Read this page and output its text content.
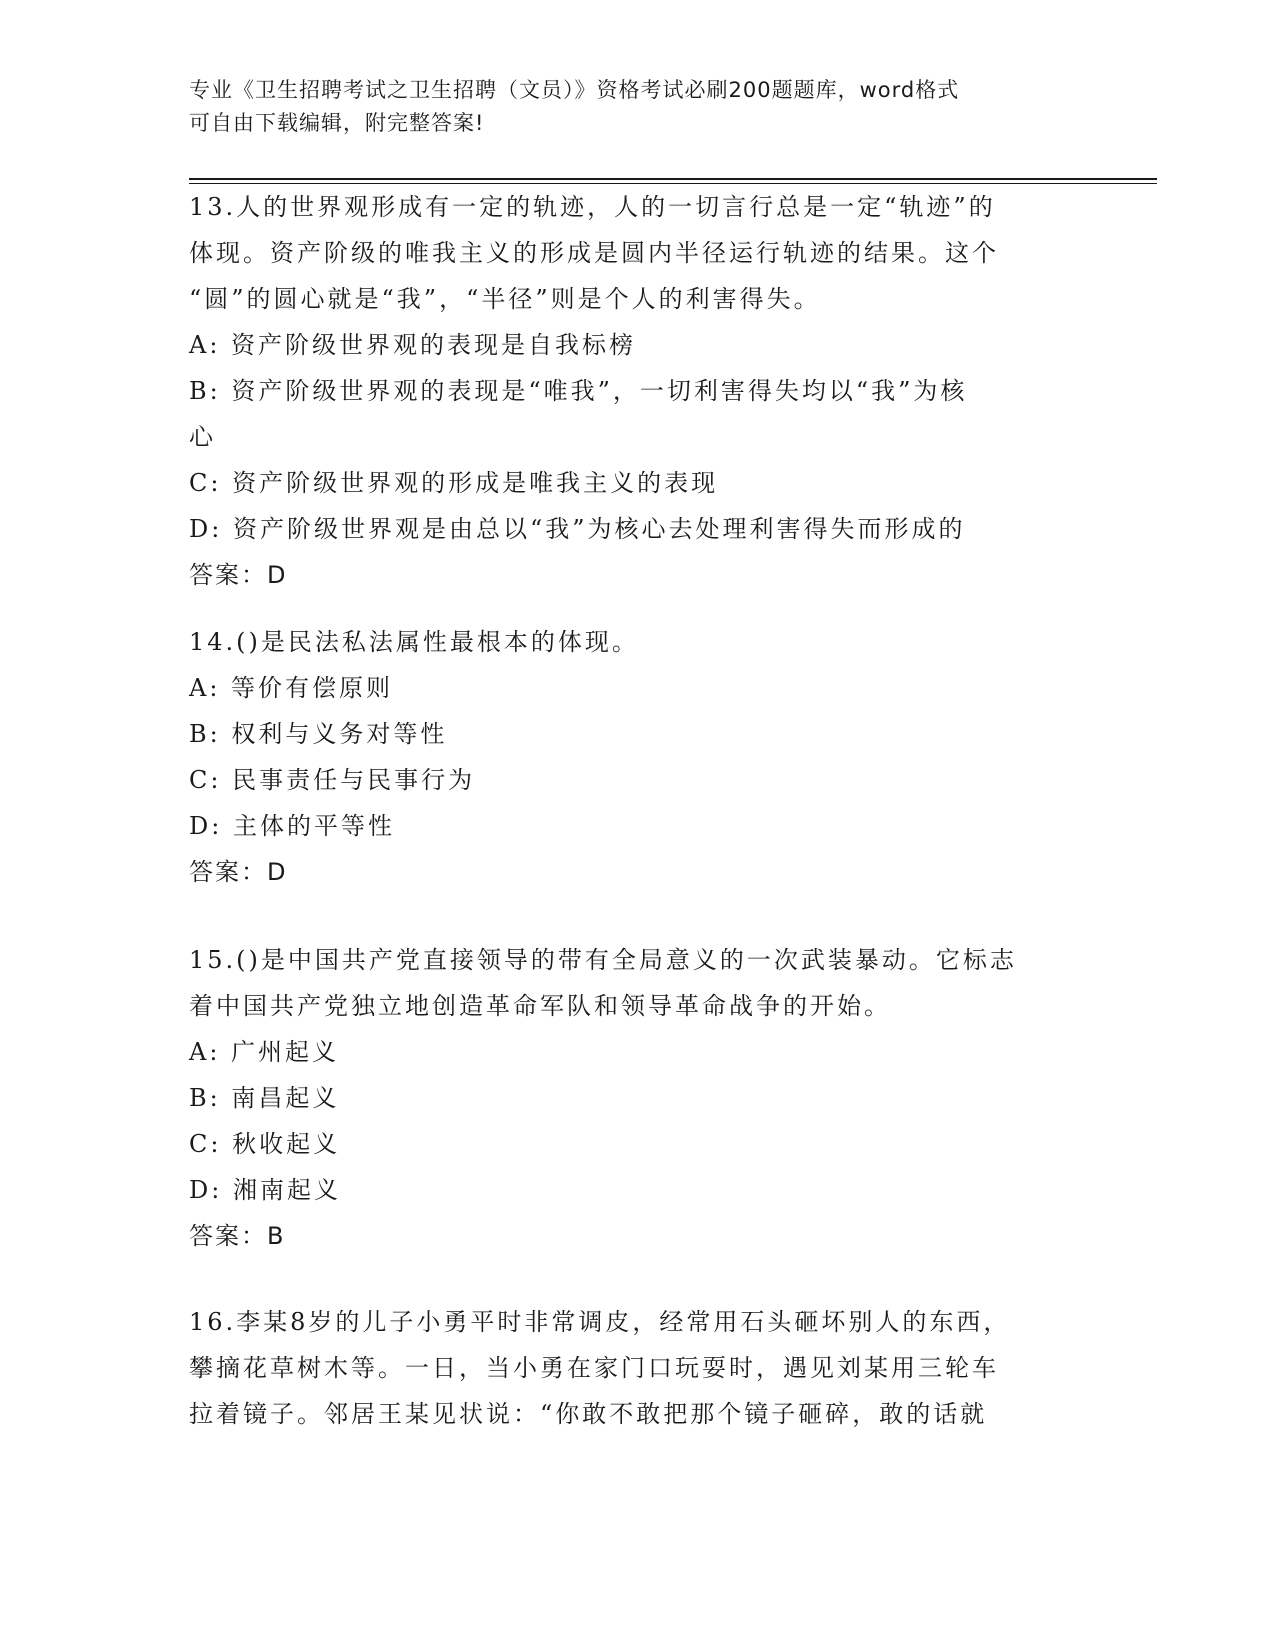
专业《卫生招聘考试之卫生招聘（文员）》资格考试必刷200题题库，word格式
可自由下载编辑，附完整答案!
13.人的世界观形成有一定的轨迹，人的一切言行总是一定“轨迹”的
体现。资产阶级的唯我主义的形成是圆内半径运行轨迹的结果。这个
“圆”的圆心就是“我”，“半径”则是个人的利害得失。
A: 资产阶级世界观的表现是自我标榜
B: 资产阶级世界观的表现是“唯我”，一切利害得失均以“我”为核
心
C: 资产阶级世界观的形成是唯我主义的表现
D: 资产阶级世界观是由总以“我”为核心去处理利害得失而形成的
答案：D
14.()是民法私法属性最根本的体现。
A: 等价有偿原则
B: 权利与义务对等性
C: 民事责任与民事行为
D: 主体的平等性
答案：D
15.()是中国共产党直接领导的带有全局意义的一次武装暴动。它标志
着中国共产党独立地创造革命军队和领导革命战争的开始。
A: 广州起义
B: 南昌起义
C: 秋收起义
D: 湘南起义
答案：B
16.李某8岁的儿子小勇平时非常调皮，经常用石头砸坏别人的东西，
攀摘花草树木等。一日，当小勇在家门口玩耍时，遇见刘某用三轮车
拉着镜子。邻居王某见状说：“你敢不敢把那个镜子砸碎，敢的话就
